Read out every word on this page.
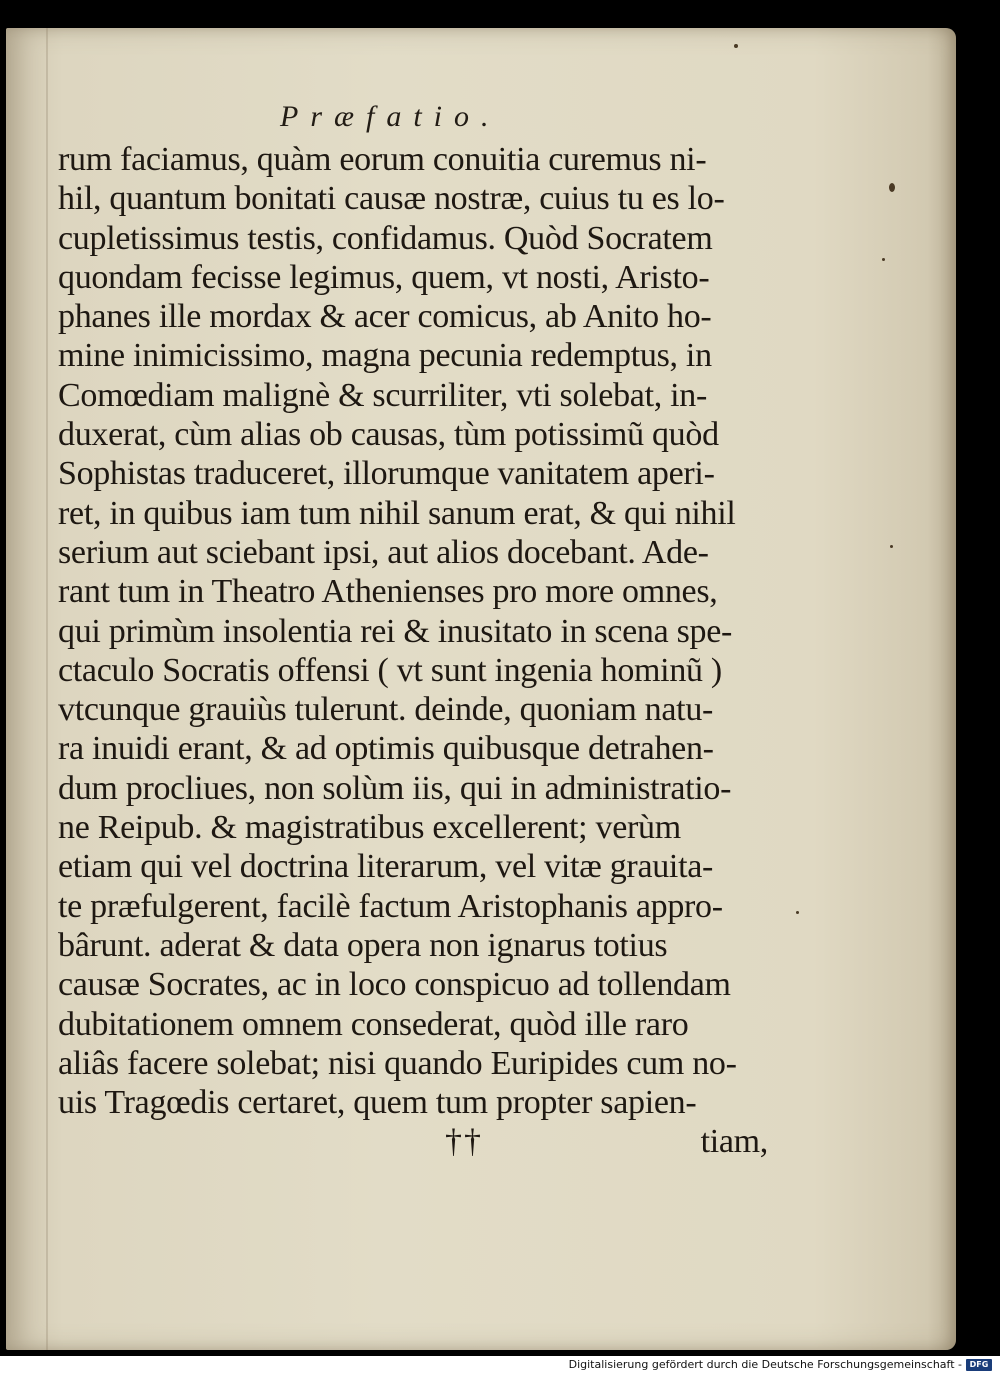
Præfatio.
rum faciamus, quàm eorum conuitia curemus ni-
hil, quantum bonitati causæ nostræ, cuius tu es lo-
cupletissimus testis, confidamus. Quòd Socratem
quondam fecisse legimus, quem, vt nosti, Aristo-
phanes ille mordax & acer comicus, ab Anito ho-
mine inimicissimo, magna pecunia redemptus, in
Comœdiam malignè & scurriliter, vti solebat, in-
duxerat, cùm alias ob causas, tùm potissimũ quòd
Sophistas traduceret, illorumque vanitatem aperi-
ret, in quibus iam tum nihil sanum erat, & qui nihil
serium aut sciebant ipsi, aut alios docebant. Ade-
rant tum in Theatro Athenienses pro more omnes,
qui primùm insolentia rei & inusitato in scena spe-
ctaculo Socratis offensi ( vt sunt ingenia hominũ )
vtcunque grauiùs tulerunt. deinde, quoniam natu-
ra inuidi erant, & ad optimis quibusque detrahen-
dum procliues, non solùm iis, qui in administratio-
ne Reipub. & magistratibus excellerent; verùm
etiam qui vel doctrina literarum, vel vitæ grauita-
te præfulgerent, facilè factum Aristophanis appro-
bârunt. aderat & data opera non ignarus totius
causæ Socrates, ac in loco conspicuo ad tollendam
dubitationem omnem consederat, quòd ille raro
aliâs facere solebat; nisi quando Euripides cum no-
uis Tragœdis certaret, quem tum propter sapien-
††	tiam,
Digitalisierung gefördert durch die Deutsche Forschungsgemeinschaft - DFG
